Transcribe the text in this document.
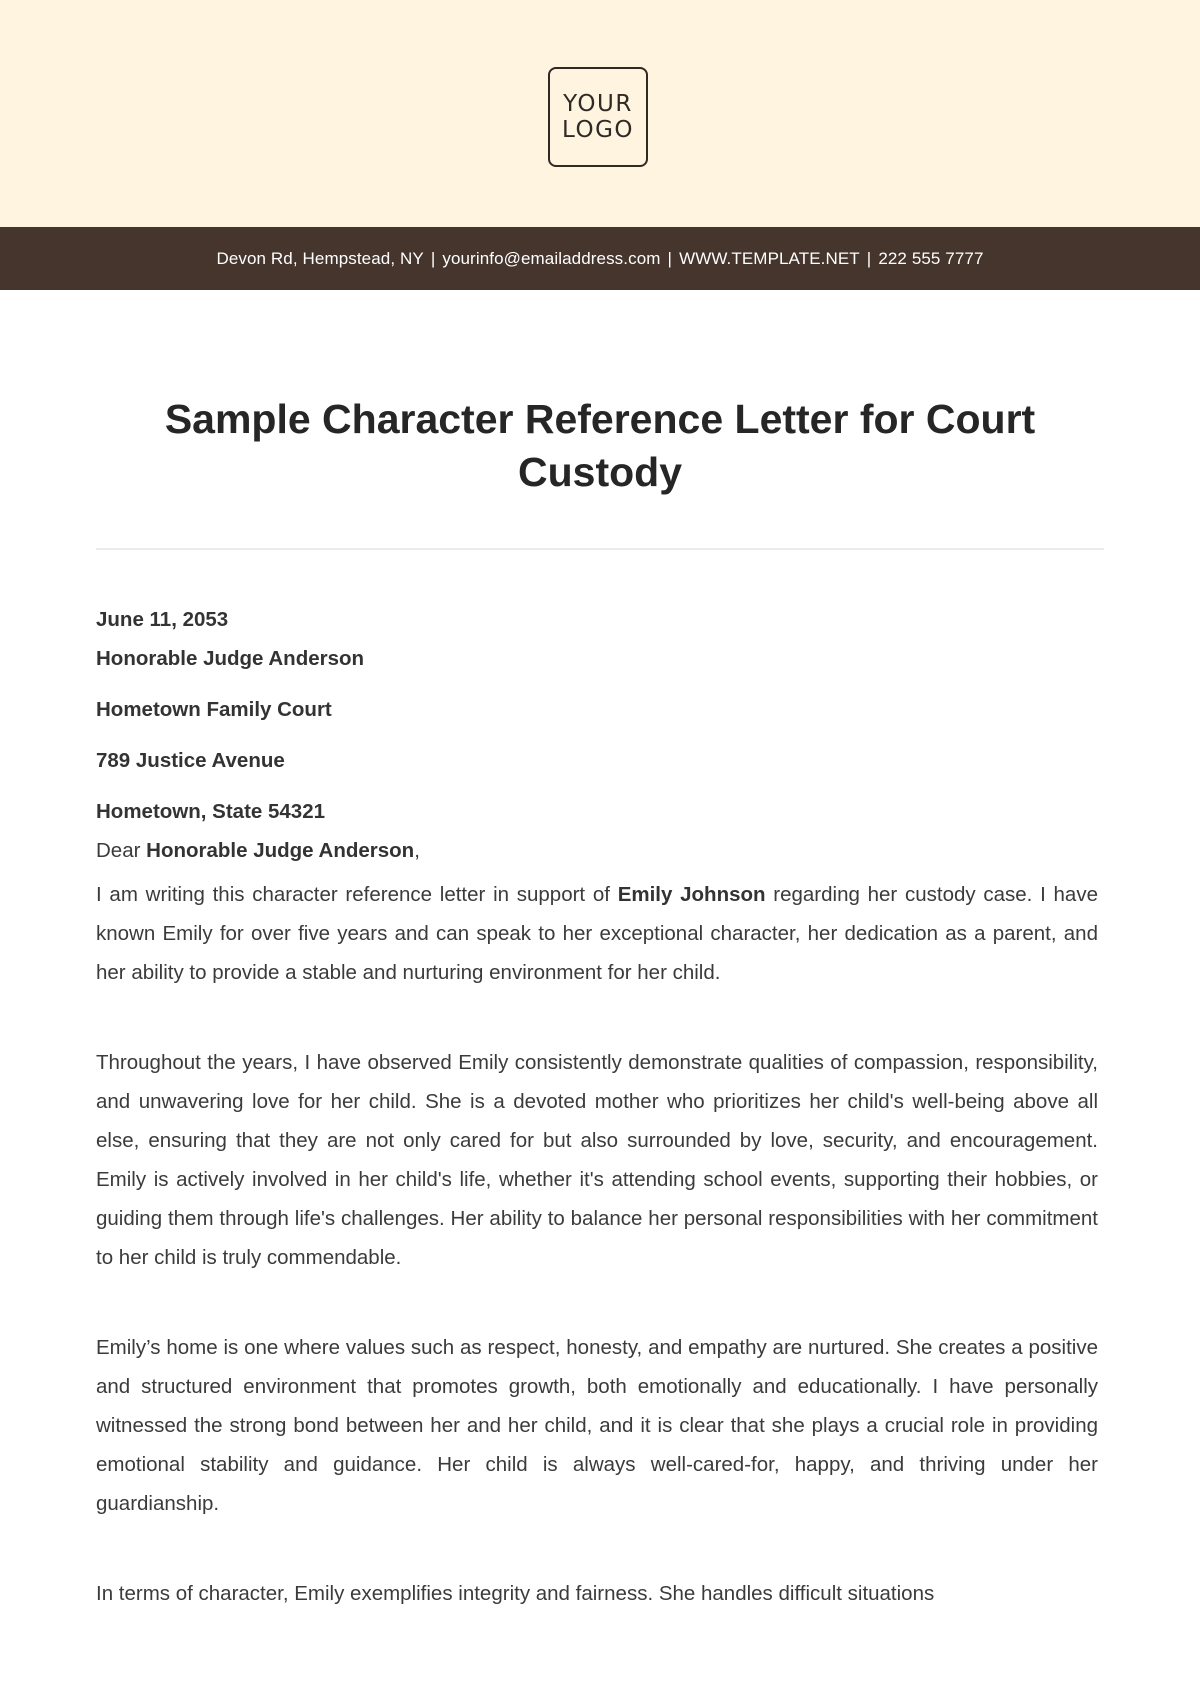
YOUR
LOGO
Devon Rd, Hempstead, NY | yourinfo@emailaddress.com | WWW.TEMPLATE.NET | 222 555 7777
Sample Character Reference Letter for Court Custody

June 11, 2053

Honorable Judge Anderson

Hometown Family Court

789 Justice Avenue

Hometown, State 54321

Dear Honorable Judge Anderson,

I am writing this character reference letter in support of Emily Johnson regarding her custody case. I have known Emily for over five years and can speak to her exceptional character, her dedication as a parent, and her ability to provide a stable and nurturing environment for her child.

Throughout the years, I have observed Emily consistently demonstrate qualities of compassion, responsibility, and unwavering love for her child. She is a devoted mother who prioritizes her child's well-being above all else, ensuring that they are not only cared for but also surrounded by love, security, and encouragement. Emily is actively involved in her child's life, whether it's attending school events, supporting their hobbies, or guiding them through life's challenges. Her ability to balance her personal responsibilities with her commitment to her child is truly commendable.

Emily’s home is one where values such as respect, honesty, and empathy are nurtured. She creates a positive and structured environment that promotes growth, both emotionally and educationally. I have personally witnessed the strong bond between her and her child, and it is clear that she plays a crucial role in providing emotional stability and guidance. Her child is always well-cared-for, happy, and thriving under her guardianship.

In terms of character, Emily exemplifies integrity and fairness. She handles difficult situations
